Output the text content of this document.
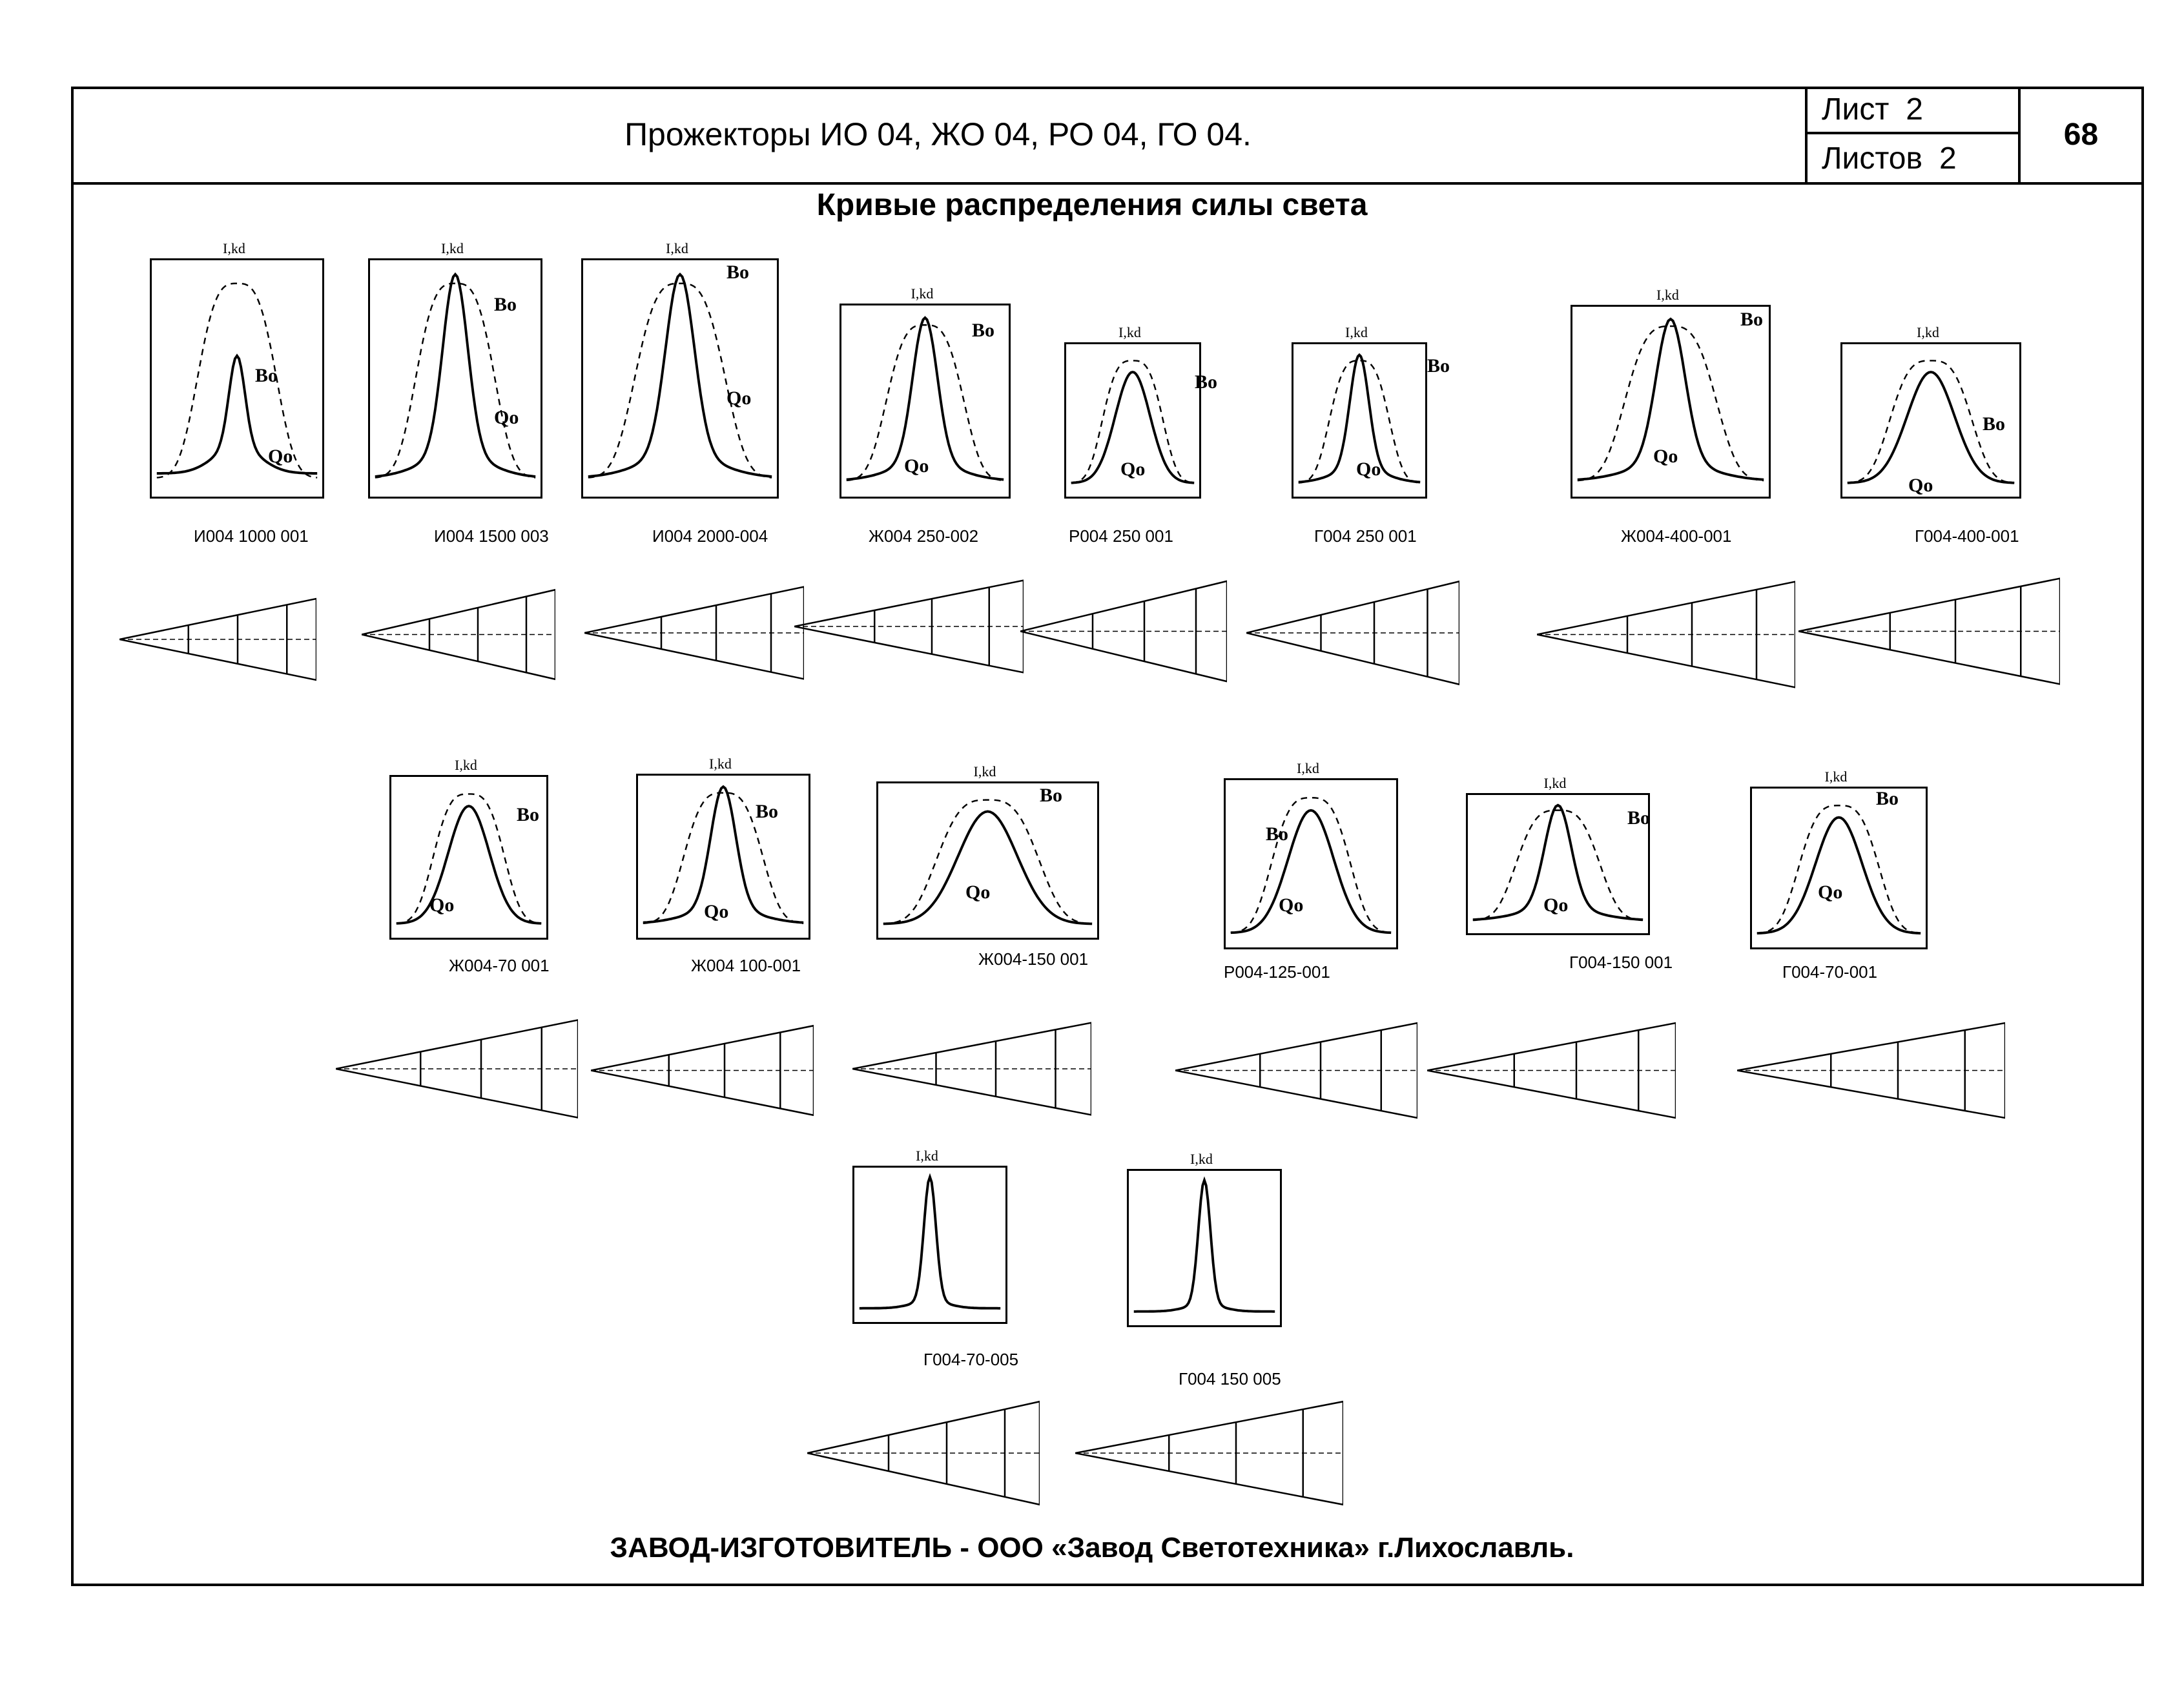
Прожекторы ИО 04, ЖО 04, РО 04, ГО 04.
Лист 2
Листов 2
68
Кривые распределения силы света
I,kd
Bo
Qo
И004 1000 001
I,kd
Bo
Qo
И004 1500 003
I,kd
Bo
Qo
И004 2000-004
I,kd
Bo
Qo
Ж004 250-002
I,kd
Bo
Qo
Р004 250 001
I,kd
Bo
Qo
Г004 250 001
I,kd
Bo
Qo
Ж004-400-001
I,kd
Bo
Qo
Г004-400-001
I,kd
Bo
Qo
Ж004-70 001
I,kd
Bo
Qo
Ж004 100-001
I,kd
Bo
Qo
Ж004-150 001
I,kd
Bo
Qo
Р004-125-001
I,kd
Bo
Qo
Г004-150 001
I,kd
Bo
Qo
Г004-70-001
I,kd
Г004-70-005
I,kd
Г004 150 005
ЗАВОД-ИЗГОТОВИТЕЛЬ - ООО «Завод Светотехника» г.Лихославль.
